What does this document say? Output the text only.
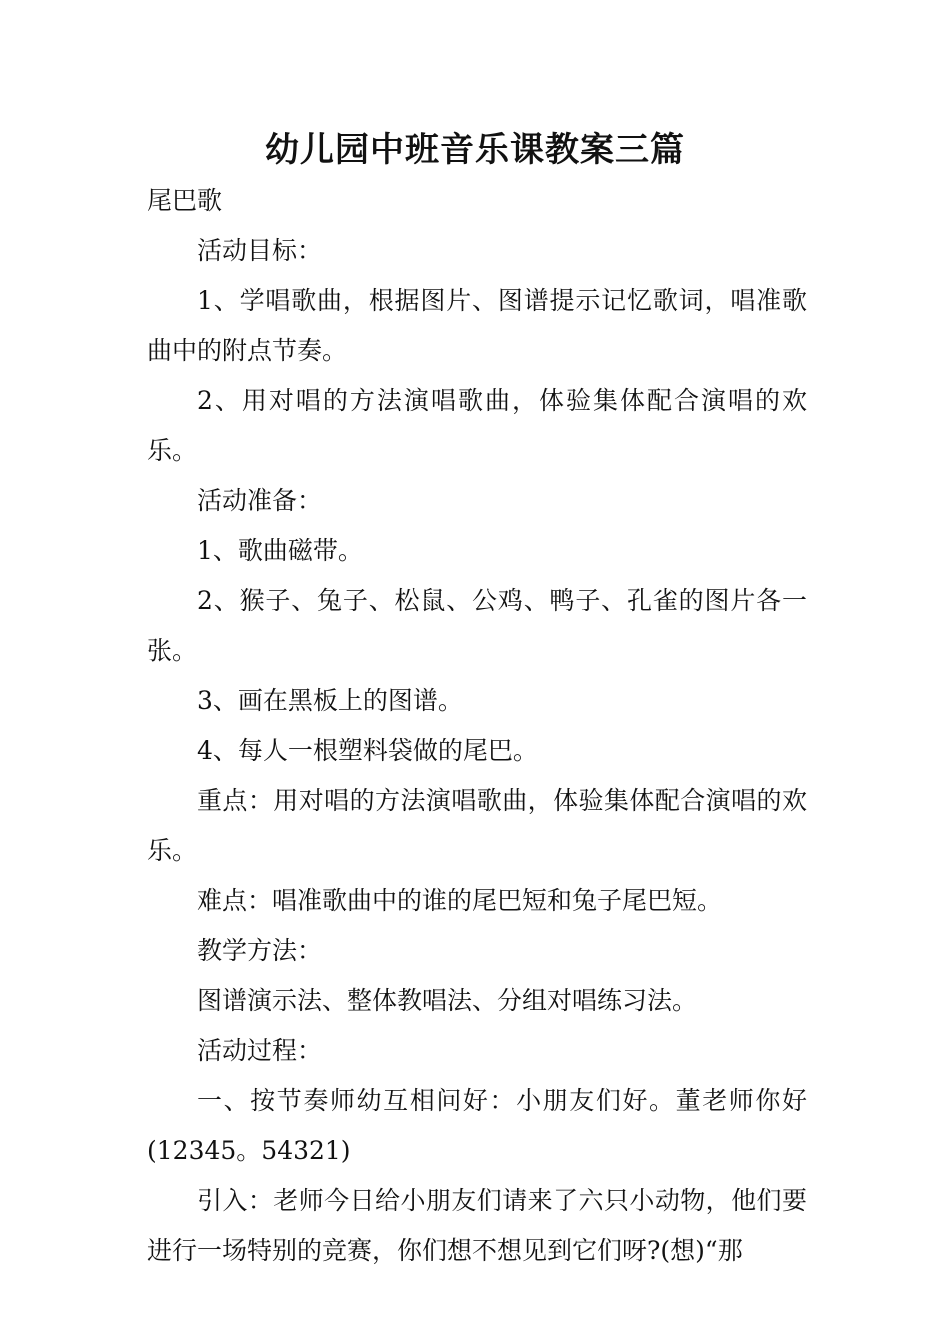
幼儿园中班音乐课教案三篇

尾巴歌

活动目标：

1、学唱歌曲，根据图片、图谱提示记忆歌词，唱准歌曲中的附点节奏。

2、用对唱的方法演唱歌曲，体验集体配合演唱的欢乐。

活动准备：

1、歌曲磁带。

2、猴子、兔子、松鼠、公鸡、鸭子、孔雀的图片各一张。

3、画在黑板上的图谱。

4、每人一根塑料袋做的尾巴。

重点：用对唱的方法演唱歌曲，体验集体配合演唱的欢乐。

难点：唱准歌曲中的谁的尾巴短和兔子尾巴短。

教学方法：

图谱演示法、整体教唱法、分组对唱练习法。

活动过程：

一、按节奏师幼互相问好：小朋友们好。董老师你好(12345。54321)

引入：老师今日给小朋友们请来了六只小动物，他们要进行一场特别的竞赛，你们想不想见到它们呀?(想)“那
